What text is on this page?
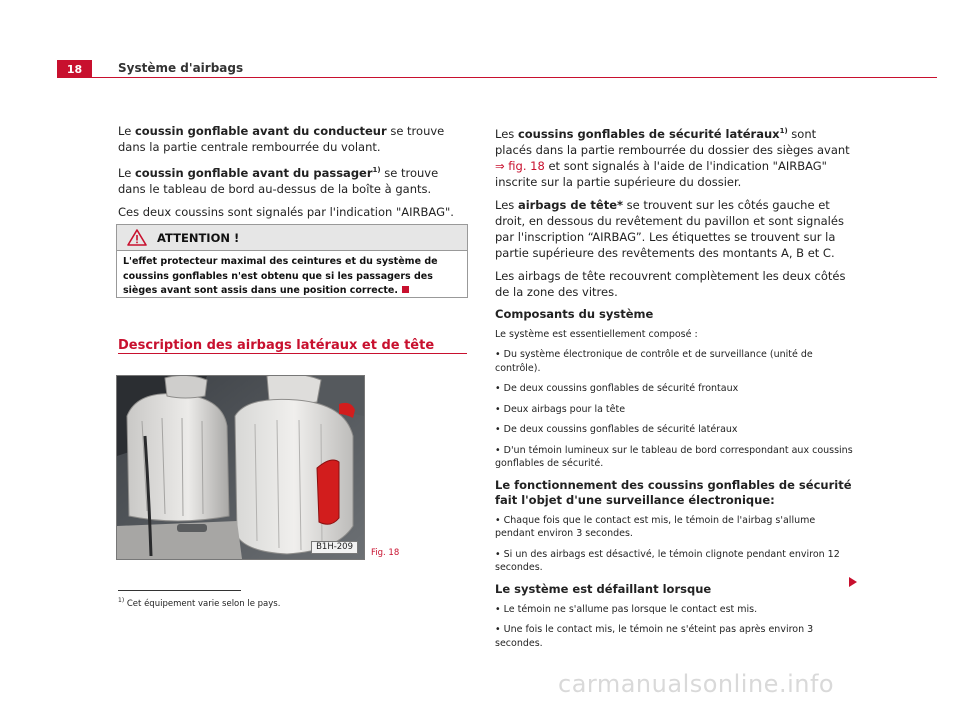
18	Système d'airbags

Le coussin gonflable avant du conducteur se trouve dans la partie centrale rembourrée du volant.

Le coussin gonflable avant du passager$^{1)}$ se trouve dans le tableau de bord au-dessus de la boîte à gants.

Ces deux coussins sont signalés par l'indication "AIRBAG".

ATTENTION !
L'effet protecteur maximal des ceintures et du système de coussins gonflables n'est obtenu que si les passagers des sièges avant sont assis dans une position correcte.
Description des airbags latéraux et de tête
B1H-209
Fig. 18
$^{1)}$ Cet équipement varie selon le pays.

Les coussins gonflables de sécurité latéraux$^{1)}$ sont placés dans la partie rembourrée du dossier des sièges avant ⇒ fig. 18 et sont signalés à l'aide de l'indication "AIRBAG" inscrite sur la partie supérieure du dossier.

Les airbags de tête* se trouvent sur les côtés gauche et droit, en dessous du revêtement du pavillon et sont signalés par l'inscription “AIRBAG”. Les étiquettes se trouvent sur la partie supérieure des revêtements des montants A, B et C.

Les airbags de tête recouvrent complètement les deux côtés de la zone des vitres.

Composants du système

Le système est essentiellement composé :

• Du système électronique de contrôle et de surveillance (unité de contrôle).

• De deux coussins gonflables de sécurité frontaux

• Deux airbags pour la tête

• De deux coussins gonflables de sécurité latéraux

• D'un témoin lumineux sur le tableau de bord correspondant aux coussins gonflables de sécurité.

Le fonctionnement des coussins gonflables de sécurité fait l'objet d'une surveillance électronique:

• Chaque fois que le contact est mis, le témoin de l'airbag s'allume pendant environ 3 secondes.

• Si un des airbags est désactivé, le témoin clignote pendant environ 12 secondes.

Le système est défaillant lorsque

• Le témoin ne s'allume pas lorsque le contact est mis.

• Une fois le contact mis, le témoin ne s'éteint pas après environ 3 secondes.

carmanualsonline.info
